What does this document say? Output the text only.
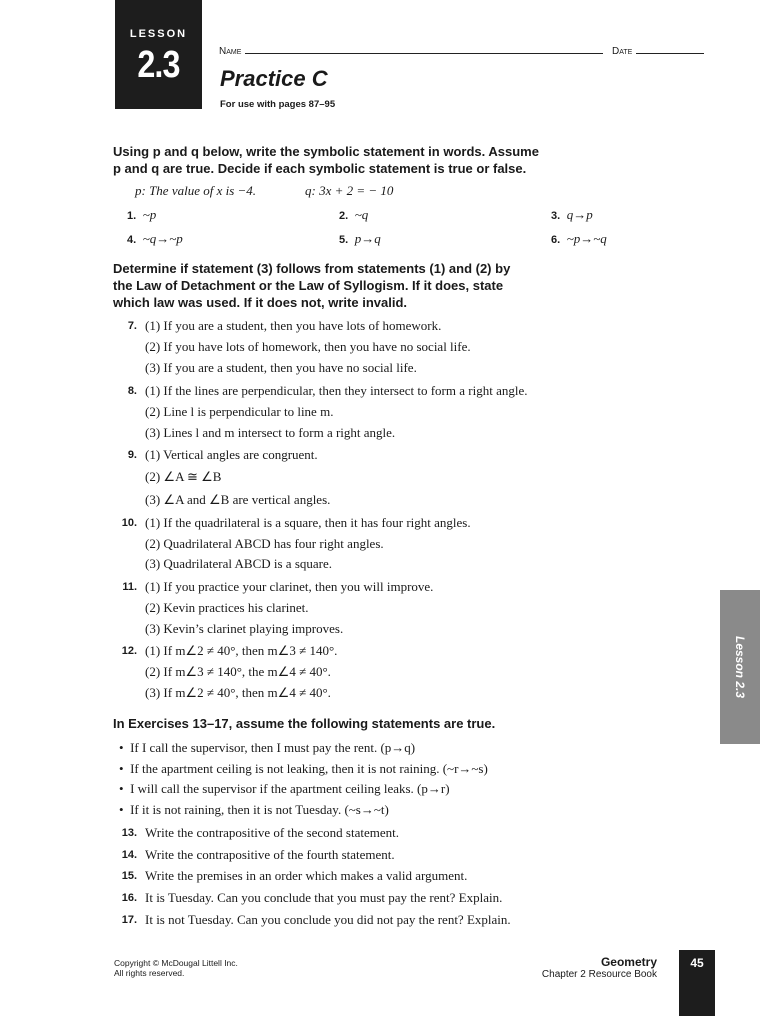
LESSON
2.3	Name	Date
Practice C
For use with pages 87–95
Using p and q below, write the symbolic statement in words. Assume
p and q are true. Decide if each symbolic statement is true or false.
p: The value of x is −4.	q: 3x + 2 = − 10
1. ~p	2. ~q	3. q→p
4. ~q→~p	5. p→q	6. ~p→~q
Determine if statement (3) follows from statements (1) and (2) by
the Law of Detachment or the Law of Syllogism. If it does, state
which law was used. If it does not, write invalid.
7. (1) If you are a student, then you have lots of homework.
(2) If you have lots of homework, then you have no social life.
(3) If you are a student, then you have no social life.
8. (1) If the lines are perpendicular, then they intersect to form a right angle.
(2) Line l is perpendicular to line m.
(3) Lines l and m intersect to form a right angle.
9. (1) Vertical angles are congruent.
(2) ∠A ≅ ∠B
(3) ∠A and ∠B are vertical angles.
10. (1) If the quadrilateral is a square, then it has four right angles.
(2) Quadrilateral ABCD has four right angles.
(3) Quadrilateral ABCD is a square.
11. (1) If you practice your clarinet, then you will improve.
(2) Kevin practices his clarinet.
(3) Kevin’s clarinet playing improves.
12. (1) If m∠2 ≠ 40°, then m∠3 ≠ 140°.
(2) If m∠3 ≠ 140°, the m∠4 ≠ 40°.
(3) If m∠2 ≠ 40°, then m∠4 ≠ 40°.
In Exercises 13–17, assume the following statements are true.
•  If I call the supervisor, then I must pay the rent. (p→q)
•  If the apartment ceiling is not leaking, then it is not raining. (~r→~s)
•  I will call the supervisor if the apartment ceiling leaks. (p→r)
•  If it is not raining, then it is not Tuesday. (~s→~t)
13. Write the contrapositive of the second statement.
14. Write the contrapositive of the fourth statement.
15. Write the premises in an order which makes a valid argument.
16. It is Tuesday. Can you conclude that you must pay the rent? Explain.
17. It is not Tuesday. Can you conclude you did not pay the rent? Explain.
Lesson 2.3
Copyright © McDougal Littell Inc.
All rights reserved.
Geometry
Chapter 2 Resource Book
45
